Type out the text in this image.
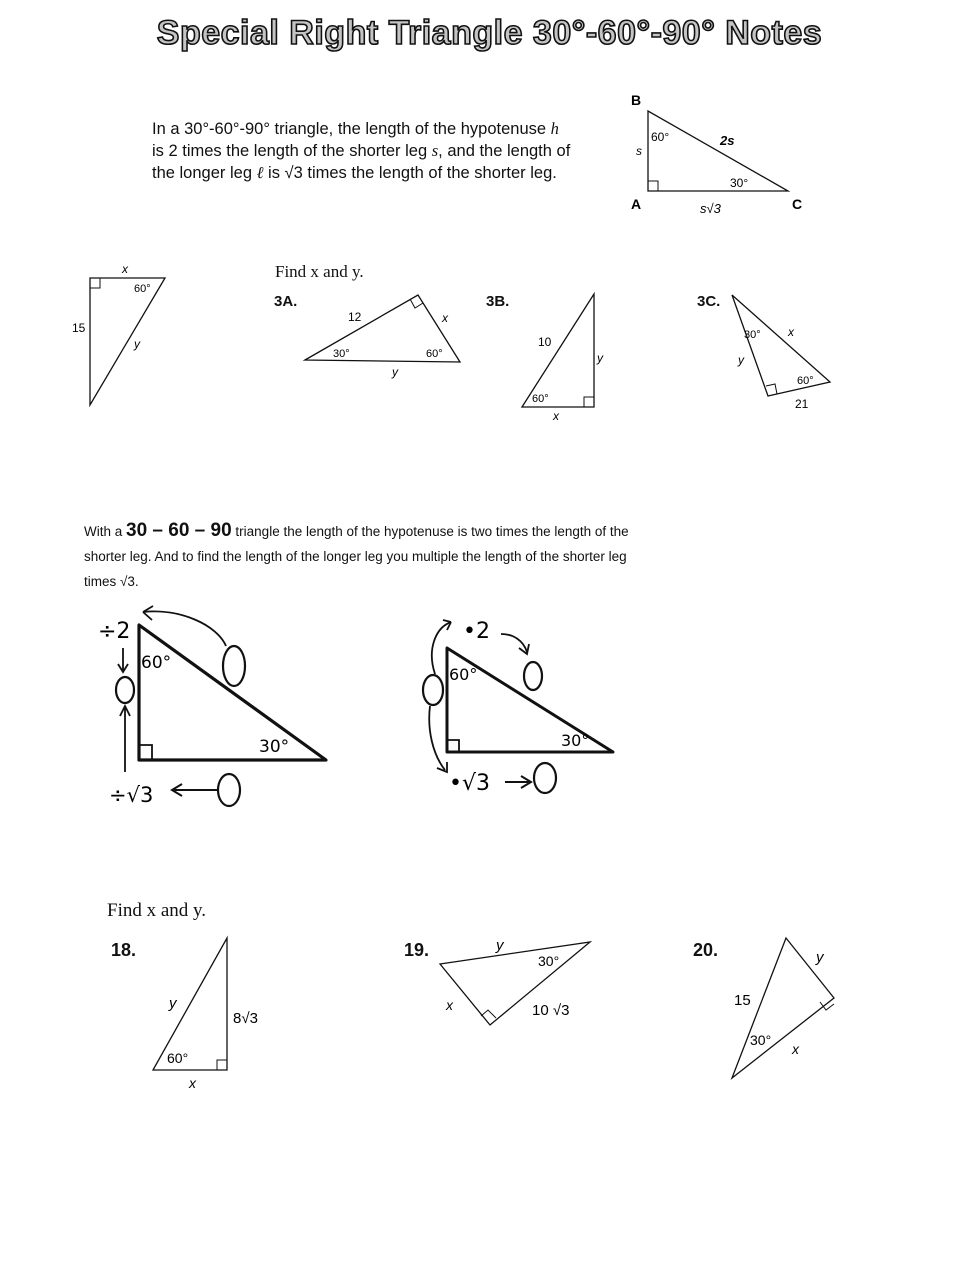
Special Right Triangle 30°-60°-90° Notes
In a 30°-60°-90° triangle, the length of the hypotenuse h
is 2 times the length of the shorter leg s, and the length of
the longer leg ℓ is √3 times the length of the shorter leg.
B
A	C
60°
30°
s
2s
s√3
x
60°
15
y
Find x and y.
3A.
12	x
30°	60°
y
3B.
10
y
60°
x
3C.
30° x
y
60°
21
With a 30 – 60 – 90 triangle the length of the hypotenuse is two times the length of the
shorter leg. And to find the length of the longer leg you multiple the length of the shorter leg
times √3.
÷2
60°
30°
÷√3
•2
60°
30°
•√3
Find x and y.
18.
y
8√3
60°
x
19.	y
30°
10 √3
x
20.
15
y
30°
x
